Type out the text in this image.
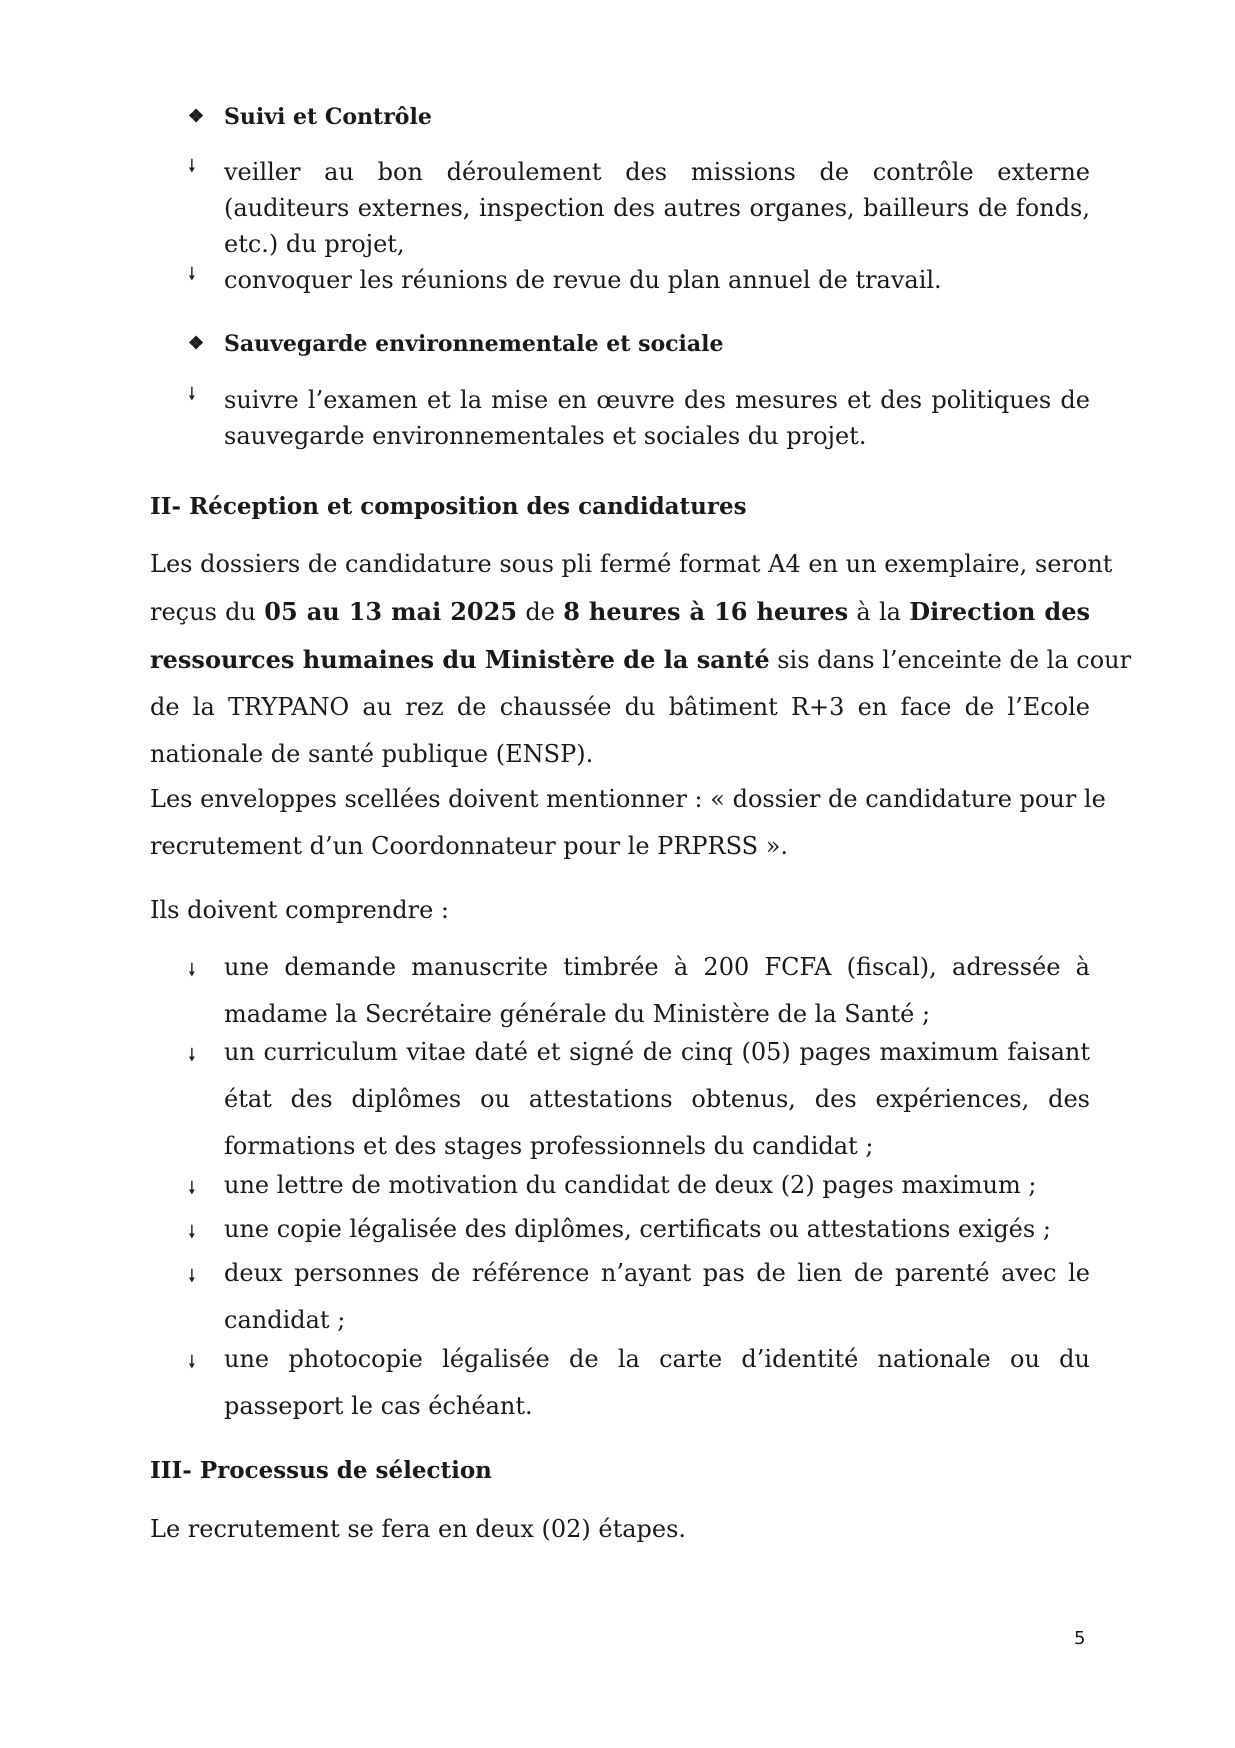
❖ Suivi et Contrôle
🠗 veiller au bon déroulement des missions de contrôle externe (auditeurs externes, inspection des autres organes, bailleurs de fonds, etc.) du projet,
🠗 convoquer les réunions de revue du plan annuel de travail.
❖ Sauvegarde environnementale et sociale
🠗 suivre l’examen et la mise en œuvre des mesures et des politiques de sauvegarde environnementales et sociales du projet.
II- Réception et composition des candidatures
Les dossiers de candidature sous pli fermé format A4 en un exemplaire, seront
reçus du 05 au 13 mai 2025 de 8 heures à 16 heures à la Direction des
ressources humaines du Ministère de la santé sis dans l’enceinte de la cour
de la TRYPANO au rez de chaussée du bâtiment R+3 en face de l’Ecole
nationale de santé publique (ENSP).
Les enveloppes scellées doivent mentionner : « dossier de candidature pour le
recrutement d’un Coordonnateur pour le PRPRSS ».
Ils doivent comprendre :
🠗 une demande manuscrite timbrée à 200 FCFA (fiscal), adressée à madame la Secrétaire générale du Ministère de la Santé ;
🠗 un curriculum vitae daté et signé de cinq (05) pages maximum faisant état des diplômes ou attestations obtenus, des expériences, des formations et des stages professionnels du candidat ;
🠗 une lettre de motivation du candidat de deux (2) pages maximum ;
🠗 une copie légalisée des diplômes, certificats ou attestations exigés ;
🠗 deux personnes de référence n’ayant pas de lien de parenté avec le candidat ;
🠗 une photocopie légalisée de la carte d’identité nationale ou du passeport le cas échéant.
III- Processus de sélection
Le recrutement se fera en deux (02) étapes.
5
